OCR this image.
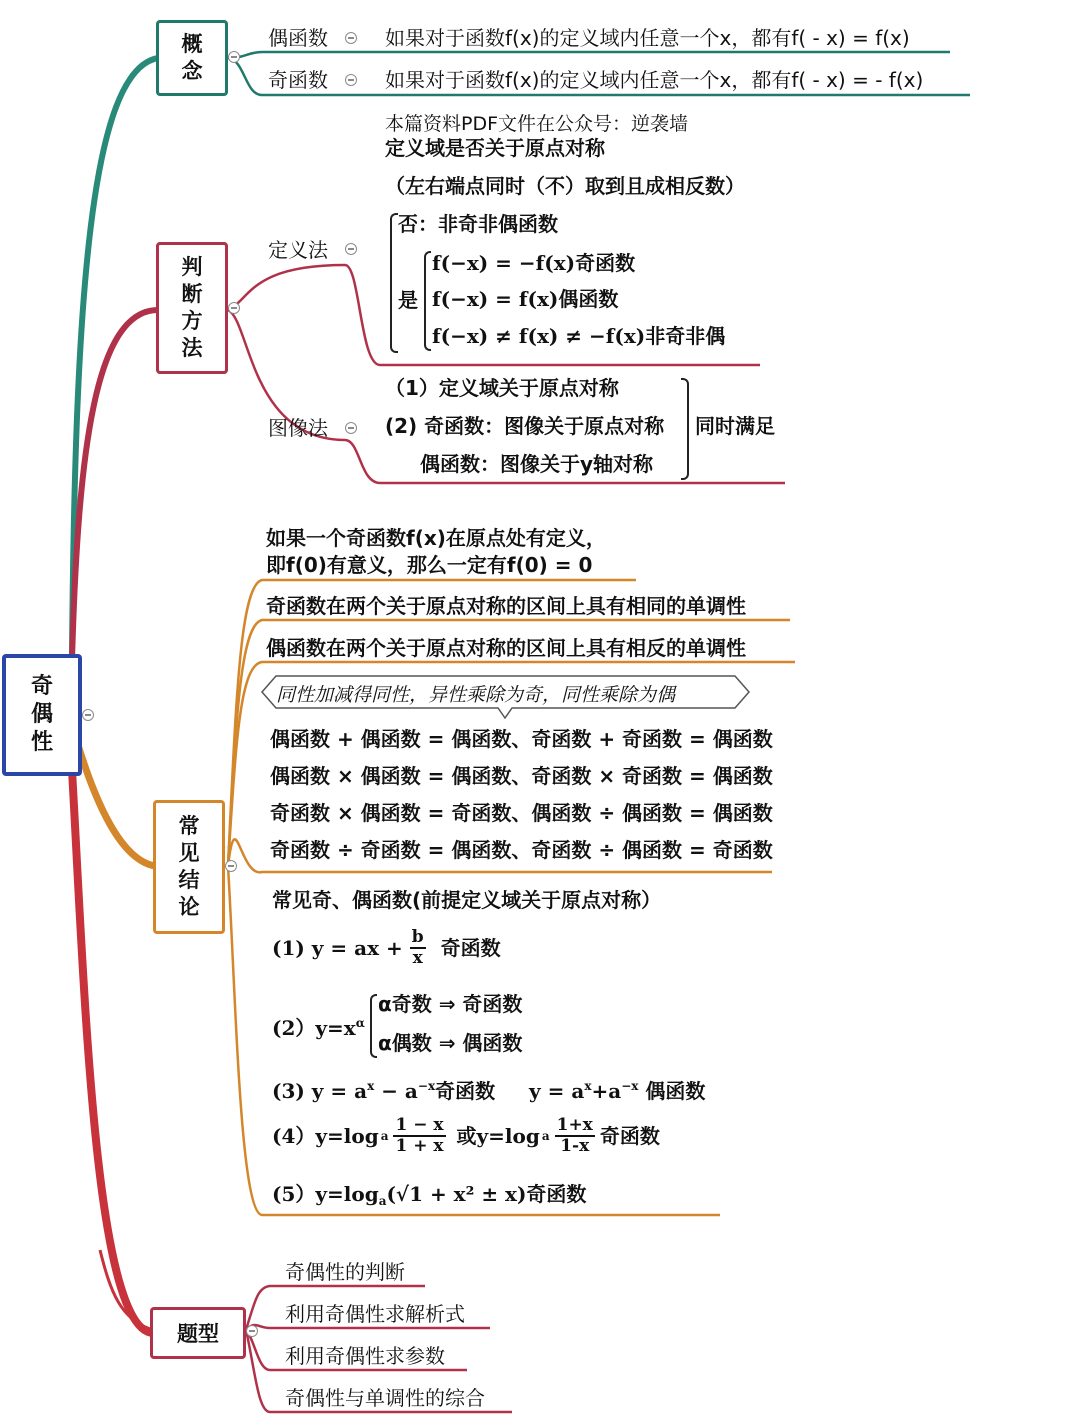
奇偶性
概念
偶函数	如果对于函数f(x)的定义域内任意一个x，都有f( - x) = f(x)
奇函数	如果对于函数f(x)的定义域内任意一个x，都有f( - x) = - f(x)
本篇资料PDF文件在公众号：逆袭墙
判断方法
定义法
定义域是否关于原点对称
（左右端点同时（不）取到且成相反数）
否：非奇非偶函数
是
f(−x) = −f(x)奇函数
f(−x) = f(x)偶函数
f(−x) ≠ f(x) ≠ −f(x)非奇非偶
图像法
（1）定义域关于原点对称
(2) 奇函数：图像关于原点对称
偶函数：图像关于y轴对称
同时满足
常见结论
如果一个奇函数f(x)在原点处有定义，
即f(0)有意义，那么一定有f(0) = 0
奇函数在两个关于原点对称的区间上具有相同的单调性
偶函数在两个关于原点对称的区间上具有相反的单调性
同性加减得同性，异性乘除为奇，同性乘除为偶
偶函数 + 偶函数 = 偶函数、奇函数 + 奇函数 = 偶函数
偶函数 × 偶函数 = 偶函数、奇函数 × 奇函数 = 偶函数
奇函数 × 偶函数 = 奇函数、偶函数 ÷ 偶函数 = 偶函数
奇函数 ÷ 奇函数 = 偶函数、奇函数 ÷ 偶函数 = 奇函数
常见奇、偶函数(前提定义域关于原点对称）
(1) y = ax + $\frac{b}{x}$ 奇函数
$(2)y=x^\alpha$
α奇数 ⇒ 奇函数
α偶数 ⇒ 偶函数
(3) $y = a^x - a^{-x}$奇函数 $y = a^x+a^{-x}$ 偶函数
(4）y=log a $\frac{1 - x}{1 + x}$ 或y=log a $\frac{1+x}{1-x}$ 奇函数
$(5)y=\log_a(√1 + x^2 \pm x)$奇函数
题型
奇偶性的判断
利用奇偶性求解析式
利用奇偶性求参数
奇偶性与单调性的综合
